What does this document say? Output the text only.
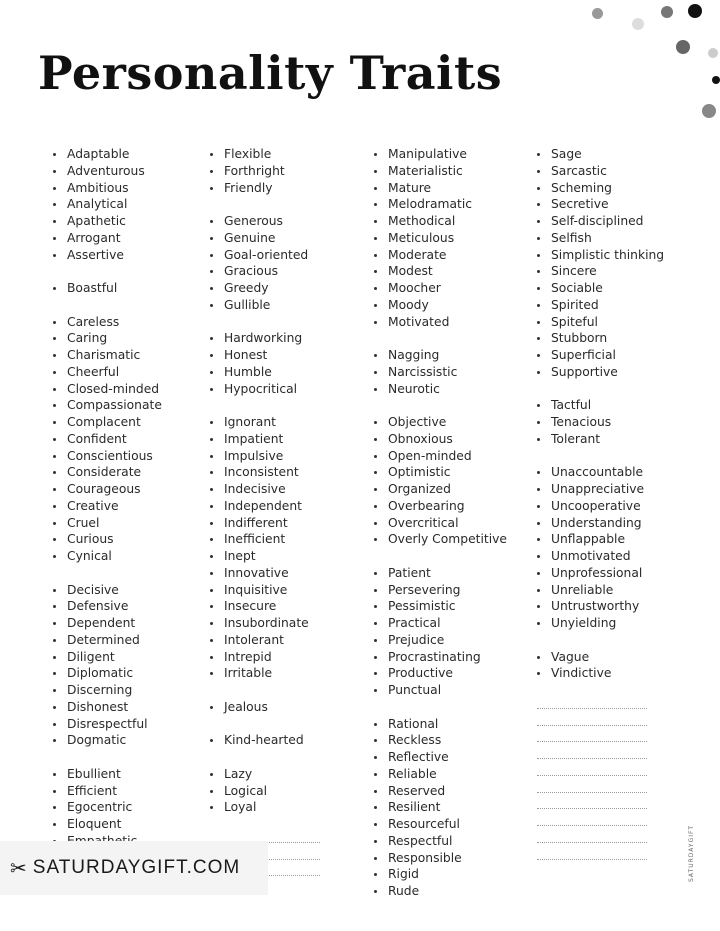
Personality Traits
Adaptable
Adventurous
Ambitious
Analytical
Apathetic
Arrogant
Assertive
Boastful
Careless
Caring
Charismatic
Cheerful
Closed-minded
Compassionate
Complacent
Confident
Conscientious
Considerate
Courageous
Creative
Cruel
Curious
Cynical
Decisive
Defensive
Dependent
Determined
Diligent
Diplomatic
Discerning
Dishonest
Disrespectful
Dogmatic
Ebullient
Efficient
Egocentric
Eloquent
Flexible
Forthright
Friendly
Generous
Genuine
Goal-oriented
Gracious
Greedy
Gullible
Hardworking
Honest
Humble
Hypocritical
Ignorant
Impatient
Impulsive
Inconsistent
Indecisive
Independent
Indifferent
Inefficient
Inept
Innovative
Inquisitive
Insecure
Insubordinate
Intolerant
Intrepid
Irritable
Jealous
Kind-hearted
Lazy
Logical
Loyal
Manipulative
Materialistic
Mature
Melodramatic
Methodical
Meticulous
Moderate
Modest
Moocher
Moody
Motivated
Nagging
Narcissistic
Neurotic
Objective
Obnoxious
Open-minded
Optimistic
Organized
Overbearing
Overcritical
Overly Competitive
Patient
Persevering
Pessimistic
Practical
Prejudice
Procrastinating
Productive
Punctual
Rational
Reckless
Reflective
Reliable
Reserved
Resilient
Resourceful
Respectful
Responsible
Rigid
Rude
Sage
Sarcastic
Scheming
Secretive
Self-disciplined
Selfish
Simplistic thinking
Sincere
Sociable
Spirited
Spiteful
Stubborn
Superficial
Supportive
Tactful
Tenacious
Tolerant
Unaccountable
Unappreciative
Uncooperative
Understanding
Unflappable
Unmotivated
Unprofessional
Unreliable
Untrustworthy
Unyielding
Vague
Vindictive
✂ SATURDAYGIFT.COM	SATURDAYGIFT
